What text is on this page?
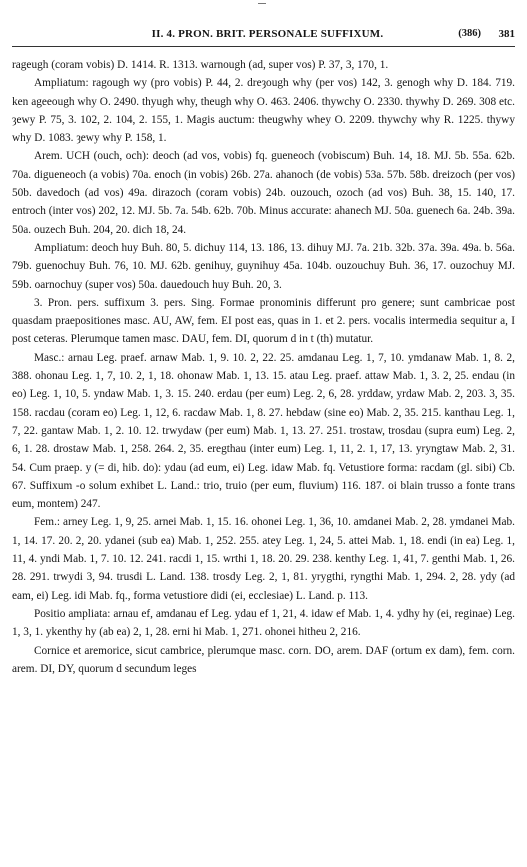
II. 4. PRON. BRIT. PERSONALE SUFFIXUM.	(386) 381

rageugh (coram vobis) D. 1414. R. 1313. warnough (ad, super vos) P. 37, 3, 170, 1.

Ampliatum: ragough wy (pro vobis) P. 44, 2. dreȝough why (per vos) 142, 3. genogh why D. 184. 719. ken ageeough why O. 2490. thyugh why, theugh why O. 463. 2406. thywchy O. 2330. thywhy D. 269. 308 etc. ȝewy P. 75, 3. 102, 2. 104, 2. 155, 1. Magis auctum: theugwhy whey O. 2209. thywchy why R. 1225. thywy why D. 1083. ȝewy why P. 158, 1.

Arem. UCH (ouch, och): deoch (ad vos, vobis) fq. gueneoch (vobiscum) Buh. 14, 18. MJ. 5b. 55a. 62b. 70a. digueneoch (a vobis) 70a. enoch (in vobis) 26b. 27a. ahanoch (de vobis) 53a. 57b. 58b. dreizoch (per vos) 50b. davedoch (ad vos) 49a. dirazoch (coram vobis) 24b. ouzouch, ozoch (ad vos) Buh. 38, 15. 140, 17. entroch (inter vos) 202, 12. MJ. 5b. 7a. 54b. 62b. 70b. Minus accurate: ahanech MJ. 50a. guenech 6a. 24b. 39a. 50a. ouzech Buh. 204, 20. dich 18, 24.

Ampliatum: deoch huy Buh. 80, 5. dichuy 114, 13. 186, 13. dihuy MJ. 7a. 21b. 32b. 37a. 39a. 49a. b. 56a. 79b. guenochuy Buh. 76, 10. MJ. 62b. genihuy, guynihuy 45a. 104b. ouzouchuy Buh. 36, 17. ouzochuy MJ. 59b. oarnochuy (super vos) 50a. dauedouch huy Buh. 20, 3.

3. Pron. pers. suffixum 3. pers. Sing. Formae pronominis differunt pro genere; sunt cambricae post quasdam praepositiones masc. AU, AW, fem. EI post eas, quas in 1. et 2. pers. vocalis intermedia sequitur a, I post ceteras. Plerumque tamen masc. DAU, fem. DI, quorum d in t (th) mutatur.

Masc.: arnau Leg. praef. arnaw Mab. 1, 9. 10. 2, 22. 25. amdanau Leg. 1, 7, 10. ymdanaw Mab. 1, 8. 2, 388. ohonau Leg. 1, 7, 10. 2, 1, 18. ohonaw Mab. 1, 13. 15. atau Leg. praef. attaw Mab. 1, 3. 2, 25. endau (in eo) Leg. 1, 10, 5. yndaw Mab. 1, 3. 15. 240. erdau (per eum) Leg. 2, 6, 28. yrddaw, yrdaw Mab. 2, 203. 3, 35. 158. racdau (coram eo) Leg. 1, 12, 6. racdaw Mab. 1, 8. 27. hebdaw (sine eo) Mab. 2, 35. 215. kanthau Leg. 1, 7, 22. gantaw Mab. 1, 2. 10. 12. trwydaw (per eum) Mab. 1, 13. 27. 251. trostaw, trosdau (supra eum) Leg. 2, 6, 1. 28. drostaw Mab. 1, 258. 264. 2, 35. eregthau (inter eum) Leg. 1, 11, 2. 1, 17, 13. yryngtaw Mab. 2, 31. 54. Cum praep. y (= di, hib. do): ydau (ad eum, ei) Leg. idaw Mab. fq. Vetustiore forma: racdam (gl. sibi) Cb. 67. Suffixum -o solum exhibet L. Land.: trio, truio (per eum, fluvium) 116. 187. oi blain trusso a fonte trans eum, montem) 247.

Fem.: arney Leg. 1, 9, 25. arnei Mab. 1, 15. 16. ohonei Leg. 1, 36, 10. amdanei Mab. 2, 28. ymdanei Mab. 1, 14. 17. 20. 2, 20. ydanei (sub ea) Mab. 1, 252. 255. atey Leg. 1, 24, 5. attei Mab. 1, 18. endi (in ea) Leg. 1, 11, 4. yndi Mab. 1, 7. 10. 12. 241. racdi 1, 15. wrthi 1, 18. 20. 29. 238. kenthy Leg. 1, 41, 7. genthi Mab. 1, 26. 28. 291. trwydi 3, 94. trusdi L. Land. 138. trosdy Leg. 2, 1, 81. yrygthi, ryngthi Mab. 1, 294. 2, 28. ydy (ad eam, ei) Leg. idi Mab. fq., forma vetustiore didi (ei, ecclesiae) L. Land. p. 113.

Positio ampliata: arnau ef, amdanau ef Leg. ydau ef 1, 21, 4. idaw ef Mab. 1, 4. ydhy hy (ei, reginae) Leg. 1, 3, 1. ykenthy hy (ab ea) 2, 1, 28. erni hi Mab. 1, 271. ohonei hitheu 2, 216.

Cornice et aremorice, sicut cambrice, plerumque masc. corn. DO, arem. DAF (ortum ex dam), fem. corn. arem. DI, DY, quorum d secundum leges
